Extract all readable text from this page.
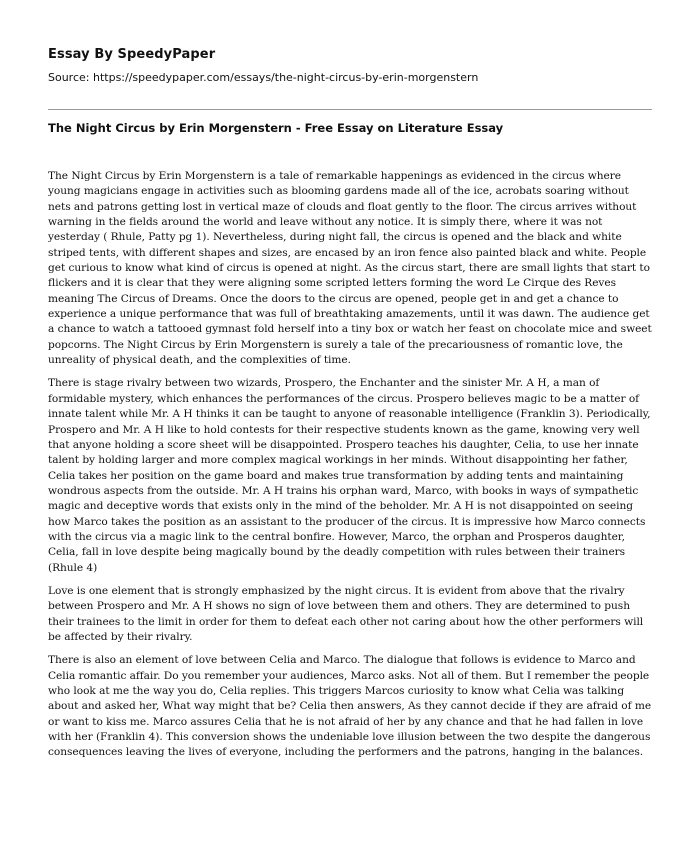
Essay By SpeedyPaper
Source: https://speedypaper.com/essays/the-night-circus-by-erin-morgenstern
The Night Circus by Erin Morgenstern - Free Essay on Literature Essay

The Night Circus by Erin Morgenstern is a tale of remarkable happenings as evidenced in the circus where young magicians engage in activities such as blooming gardens made all of the ice, acrobats soaring without nets and patrons getting lost in vertical maze of clouds and float gently to the floor. The circus arrives without warning in the fields around the world and leave without any notice. It is simply there, where it was not yesterday ( Rhule, Patty pg 1). Nevertheless, during night fall, the circus is opened and the black and white striped tents, with different shapes and sizes, are encased by an iron fence also painted black and white. People get curious to know what kind of circus is opened at night. As the circus start, there are small lights that start to flickers and it is clear that they were aligning some scripted letters forming the word Le Cirque des Reves meaning The Circus of Dreams. Once the doors to the circus are opened, people get in and get a chance to experience a unique performance that was full of breathtaking amazements, until it was dawn. The audience get a chance to watch a tattooed gymnast fold herself into a tiny box or watch her feast on chocolate mice and sweet popcorns. The Night Circus by Erin Morgenstern is surely a tale of the precariousness of romantic love, the unreality of physical death, and the complexities of time.

There is stage rivalry between two wizards, Prospero, the Enchanter and the sinister Mr. A H, a man of formidable mystery, which enhances the performances of the circus. Prospero believes magic to be a matter of innate talent while Mr. A H thinks it can be taught to anyone of reasonable intelligence (Franklin 3). Periodically, Prospero and Mr. A H like to hold contests for their respective students known as the game, knowing very well that anyone holding a score sheet will be disappointed. Prospero teaches his daughter, Celia, to use her innate talent by holding larger and more complex magical workings in her minds. Without disappointing her father, Celia takes her position on the game board and makes true transformation by adding tents and maintaining wondrous aspects from the outside. Mr. A H trains his orphan ward, Marco, with books in ways of sympathetic magic and deceptive words that exists only in the mind of the beholder. Mr. A H is not disappointed on seeing how Marco takes the position as an assistant to the producer of the circus. It is impressive how Marco connects with the circus via a magic link to the central bonfire. However, Marco, the orphan and Prosperos daughter, Celia, fall in love despite being magically bound by the deadly competition with rules between their trainers (Rhule 4)

Love is one element that is strongly emphasized by the night circus. It is evident from above that the rivalry between Prospero and Mr. A H shows no sign of love between them and others. They are determined to push their trainees to the limit in order for them to defeat each other not caring about how the other performers will be affected by their rivalry.

There is also an element of love between Celia and Marco. The dialogue that follows is evidence to Marco and Celia romantic affair. Do you remember your audiences, Marco asks. Not all of them. But I remember the people who look at me the way you do, Celia replies. This triggers Marcos curiosity to know what Celia was talking about and asked her, What way might that be? Celia then answers, As they cannot decide if they are afraid of me or want to kiss me. Marco assures Celia that he is not afraid of her by any chance and that he had fallen in love with her (Franklin 4). This conversion shows the undeniable love illusion between the two despite the dangerous consequences leaving the lives of everyone, including the performers and the patrons, hanging in the balances.
